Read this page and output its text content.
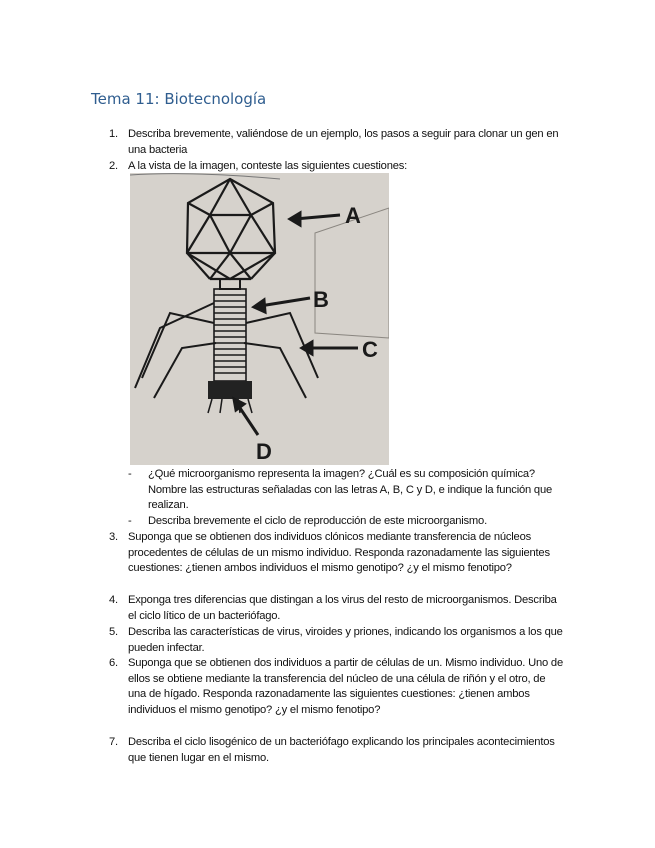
Tema 11: Biotecnología
1. Describa brevemente, valiéndose de un ejemplo, los pasos a seguir para clonar un gen en una bacteria
2. A la vista de la imagen, conteste las siguientes cuestiones:
A
B
C
D
- ¿Qué microorganismo representa la imagen? ¿Cuál es su composición química? Nombre las estructuras señaladas con las letras A, B, C y D, e indique la función que realizan.
- Describa brevemente el ciclo de reproducción de este microorganismo.
3. Suponga que se obtienen dos individuos clónicos mediante transferencia de núcleos procedentes de células de un mismo individuo. Responda razonadamente las siguientes cuestiones: ¿tienen ambos individuos el mismo genotipo? ¿y el mismo fenotipo?
4. Exponga tres diferencias que distingan a los virus del resto de microorganismos. Describa el ciclo lítico de un bacteriófago.
5. Describa las características de virus, viroides y priones, indicando los organismos a los que pueden infectar.
6. Suponga que se obtienen dos individuos a partir de células de un. Mismo individuo. Uno de ellos se obtiene mediante la transferencia del núcleo de una célula de riñón y el otro, de una de hígado. Responda razonadamente las siguientes cuestiones: ¿tienen ambos individuos el mismo genotipo? ¿y el mismo fenotipo?
7. Describa el ciclo lisogénico de un bacteriófago explicando los principales acontecimientos que tienen lugar en el mismo.
